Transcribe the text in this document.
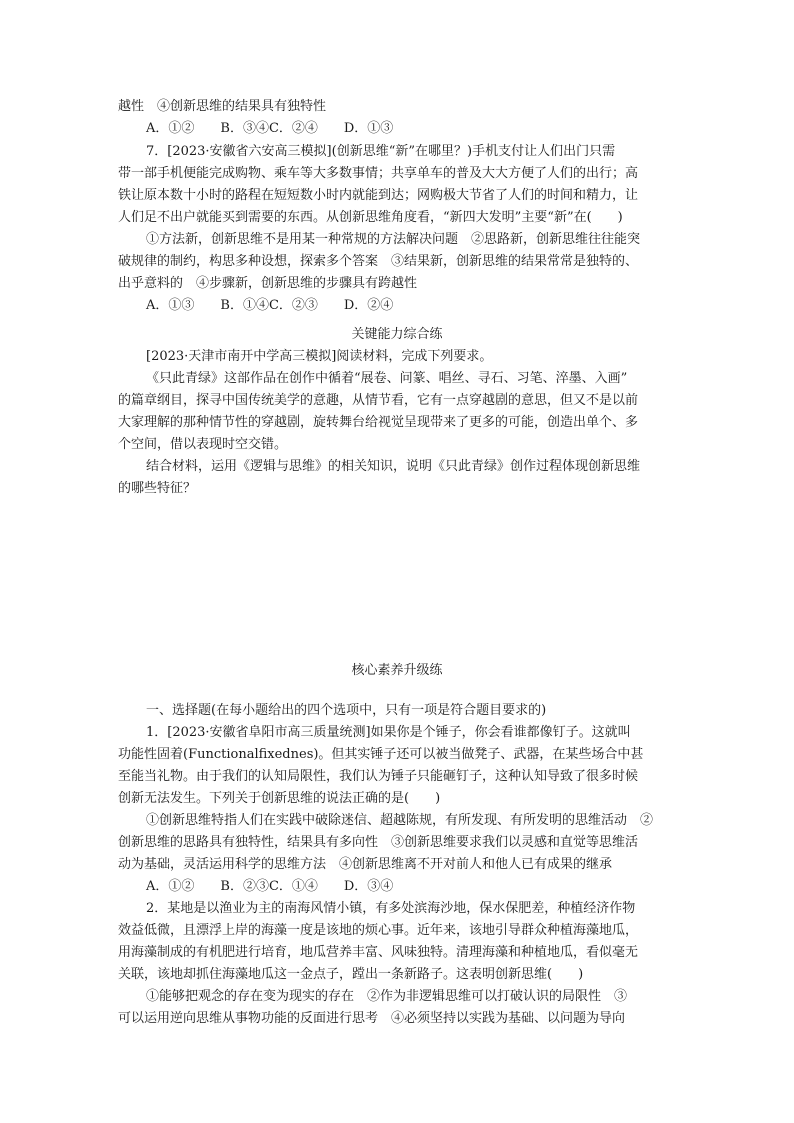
越性　④创新思维的结果具有独特性
A．①②　　B．③④C．②④　　D．①③
7．[2023·安徽省六安高三模拟](创新思维“新”在哪里？)手机支付让人们出门只需
带一部手机便能完成购物、乘车等大多数事情；共享单车的普及大大方便了人们的出行；高
铁让原本数十小时的路程在短短数小时内就能到达；网购极大节省了人们的时间和精力，让
人们足不出户就能买到需要的东西。从创新思维角度看，“新四大发明”主要“新”在(　　)
①方法新，创新思维不是用某一种常规的方法解决问题　②思路新，创新思维往往能突
破规律的制约，构思多种设想，探索多个答案　③结果新，创新思维的结果常常是独特的、
出乎意料的　④步骤新，创新思维的步骤具有跨越性
A．①③　　B．①④C．②③　　D．②④
关键能力综合练
[2023·天津市南开中学高三模拟]阅读材料，完成下列要求。
《只此青绿》这部作品在创作中循着“展卷、问篆、唱丝、寻石、习笔、淬墨、入画”
的篇章纲目，探寻中国传统美学的意趣，从情节看，它有一点穿越剧的意思，但又不是以前
大家理解的那种情节性的穿越剧，旋转舞台给视觉呈现带来了更多的可能，创造出单个、多
个空间，借以表现时空交错。
结合材料，运用《逻辑与思维》的相关知识，说明《只此青绿》创作过程体现创新思维
的哪些特征？
核心素养升级练
一、选择题(在每小题给出的四个选项中，只有一项是符合题目要求的)
1．[2023·安徽省阜阳市高三质量统测]如果你是个锤子，你会看谁都像钉子。这就叫
功能性固着(Functionalfixednes)。但其实锤子还可以被当做凳子、武器，在某些场合中甚
至能当礼物。由于我们的认知局限性，我们认为锤子只能砸钉子，这种认知导致了很多时候
创新无法发生。下列关于创新思维的说法正确的是(　　)
①创新思维特指人们在实践中破除迷信、超越陈规，有所发现、有所发明的思维活动　②
创新思维的思路具有独特性，结果具有多向性　③创新思维要求我们以灵感和直觉等思维活
动为基础，灵活运用科学的思维方法　④创新思维离不开对前人和他人已有成果的继承
A．①②　　B．②③C．①④　　D．③④
2．某地是以渔业为主的南海风情小镇，有多处滨海沙地，保水保肥差，种植经济作物
效益低微，且漂浮上岸的海藻一度是该地的烦心事。近年来，该地引导群众种植海藻地瓜，
用海藻制成的有机肥进行培育，地瓜营养丰富、风味独特。清理海藻和种植地瓜，看似毫无
关联，该地却抓住海藻地瓜这一金点子，蹚出一条新路子。这表明创新思维(　　)
①能够把观念的存在变为现实的存在　②作为非逻辑思维可以打破认识的局限性　③
可以运用逆向思维从事物功能的反面进行思考　④必须坚持以实践为基础、以问题为导向
